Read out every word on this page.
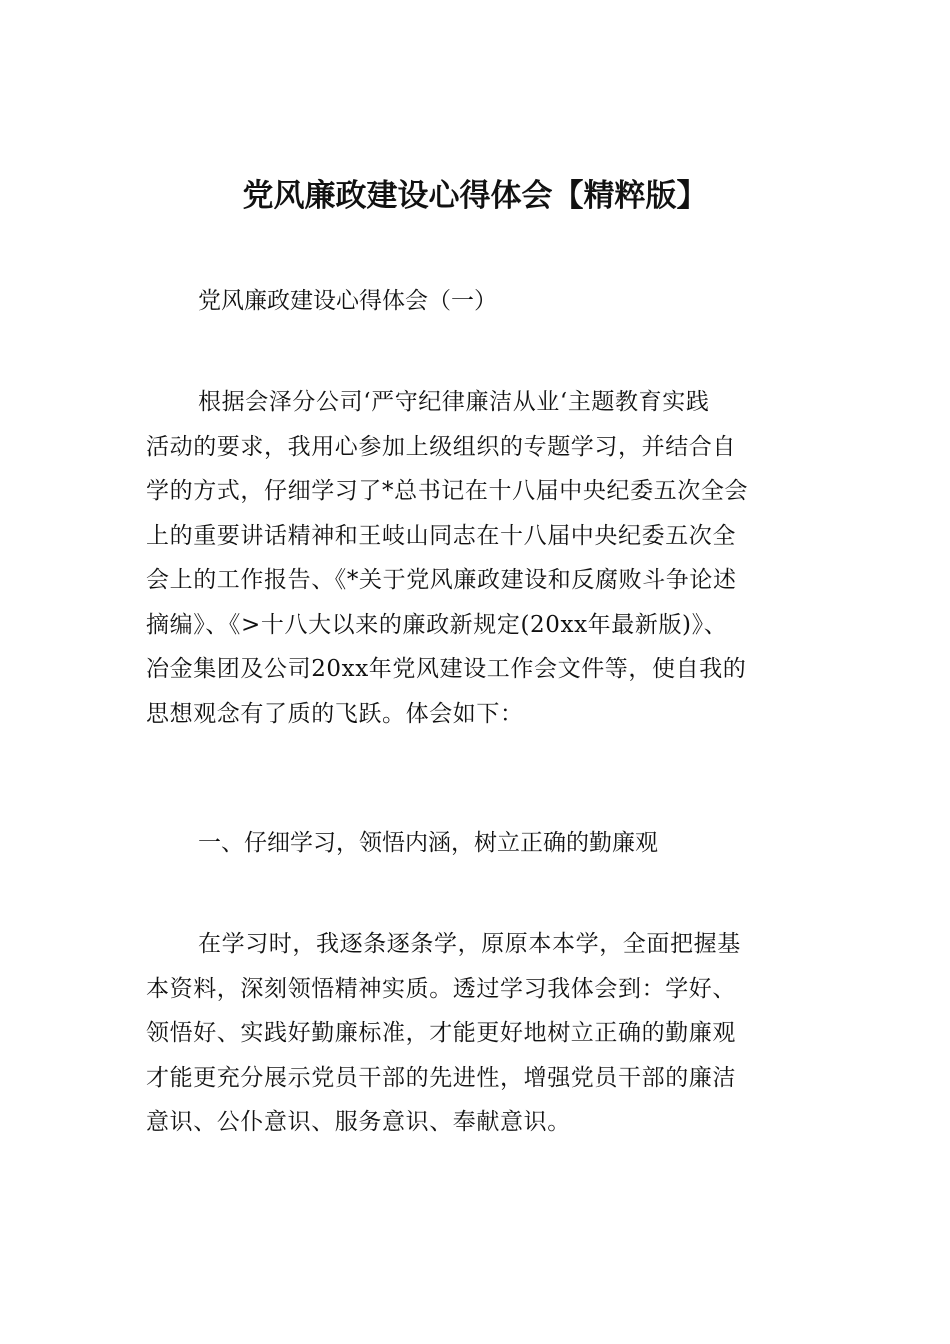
党风廉政建设心得体会【精粹版】

党风廉政建设心得体会（一）

根据会泽分公司‘严守纪律廉洁从业‘主题教育实践
活动的要求，我用心参加上级组织的专题学习，并结合自
学的方式，仔细学习了*总书记在十八届中央纪委五次全会
上的重要讲话精神和王岐山同志在十八届中央纪委五次全
会上的工作报告、《*关于党风廉政建设和反腐败斗争论述
摘编》、《>十八大以来的廉政新规定(20xx年最新版)》、
冶金集团及公司20xx年党风建设工作会文件等，使自我的
思想观念有了质的飞跃。体会如下：

一、仔细学习，领悟内涵，树立正确的勤廉观

在学习时，我逐条逐条学，原原本本学，全面把握基
本资料，深刻领悟精神实质。透过学习我体会到：学好、
领悟好、实践好勤廉标准，才能更好地树立正确的勤廉观
才能更充分展示党员干部的先进性，增强党员干部的廉洁
意识、公仆意识、服务意识、奉献意识。
